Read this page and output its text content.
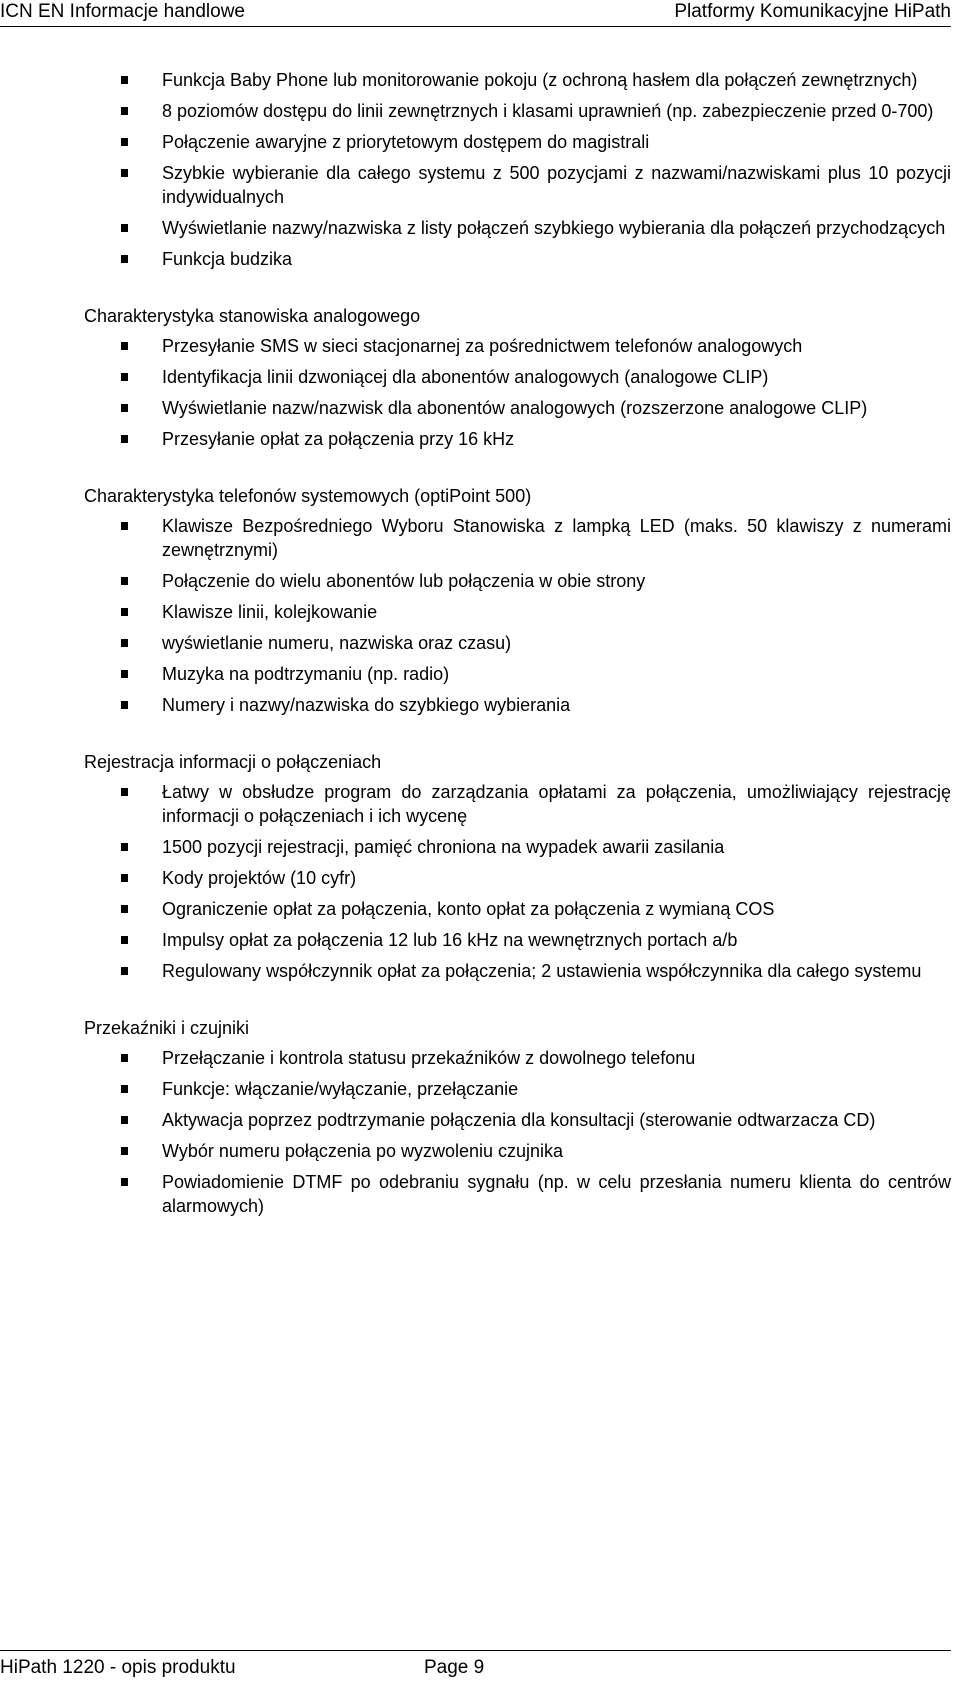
ICN EN Informacje handlowe	Platformy Komunikacyjne HiPath
Funkcja Baby Phone lub monitorowanie pokoju (z ochroną hasłem dla połączeń zewnętrznych)
8 poziomów dostępu do linii zewnętrznych i klasami uprawnień (np. zabezpieczenie przed 0-700)
Połączenie awaryjne z priorytetowym dostępem do magistrali
Szybkie wybieranie dla całego systemu z 500 pozycjami z nazwami/nazwiskami plus 10 pozycji indywidualnych
Wyświetlanie nazwy/nazwiska z listy połączeń szybkiego wybierania dla połączeń przychodzących
Funkcja budzika
Charakterystyka stanowiska analogowego
Przesyłanie SMS w sieci stacjonarnej za pośrednictwem telefonów analogowych
Identyfikacja linii dzwoniącej dla abonentów analogowych (analogowe CLIP)
Wyświetlanie nazw/nazwisk dla abonentów analogowych (rozszerzone analogowe CLIP)
Przesyłanie opłat za połączenia przy 16 kHz
Charakterystyka telefonów systemowych (optiPoint 500)
Klawisze Bezpośredniego Wyboru Stanowiska z lampką LED (maks. 50 klawiszy z numerami zewnętrznymi)
Połączenie do wielu abonentów lub połączenia w obie strony
Klawisze linii, kolejkowanie
wyświetlanie numeru, nazwiska oraz czasu)
Muzyka na podtrzymaniu (np. radio)
Numery i nazwy/nazwiska do szybkiego wybierania
Rejestracja informacji o połączeniach
Łatwy w obsłudze program do zarządzania opłatami za połączenia, umożliwiający rejestrację informacji o połączeniach i ich wycenę
1500 pozycji rejestracji, pamięć chroniona na wypadek awarii zasilania
Kody projektów (10 cyfr)
Ograniczenie opłat za połączenia, konto opłat za połączenia z wymianą COS
Impulsy opłat za połączenia 12 lub 16 kHz na wewnętrznych portach a/b
Regulowany współczynnik opłat za połączenia; 2 ustawienia współczynnika dla całego systemu
Przekaźniki i czujniki
Przełączanie i kontrola statusu przekaźników z dowolnego telefonu
Funkcje: włączanie/wyłączanie, przełączanie
Aktywacja poprzez podtrzymanie połączenia dla konsultacji (sterowanie odtwarzacza CD)
Wybór numeru połączenia po wyzwoleniu czujnika
Powiadomienie DTMF po odebraniu sygnału (np. w celu przesłania numeru klienta do centrów alarmowych)
HiPath 1220 - opis produktu	Page 9
